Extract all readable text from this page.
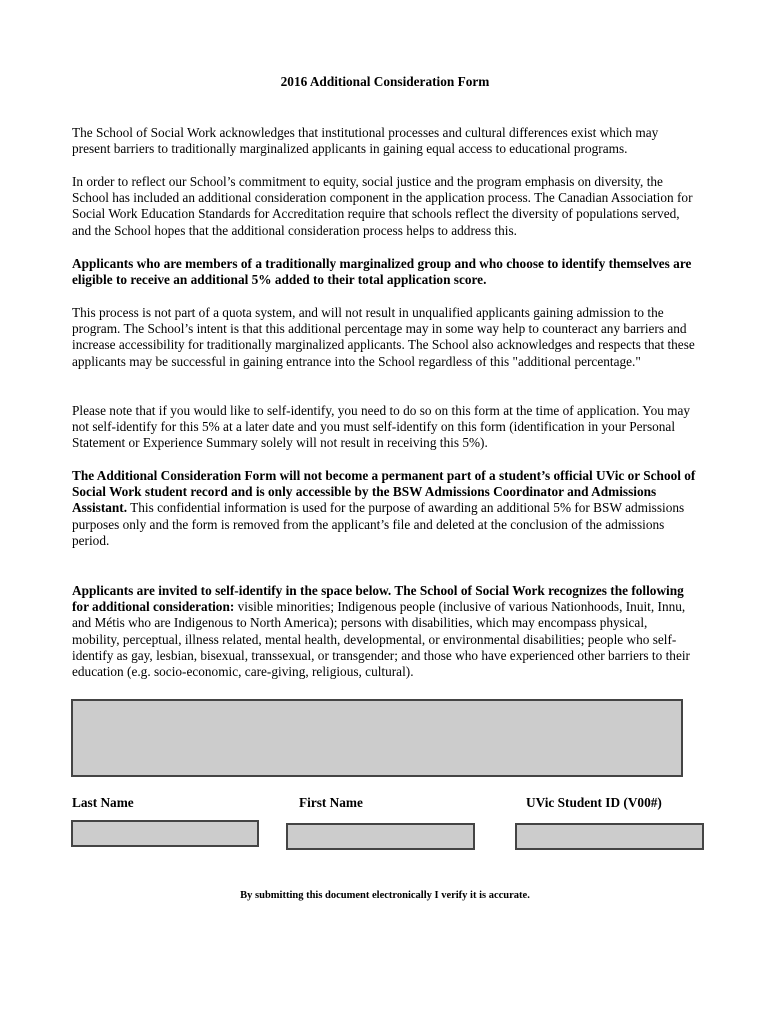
2016 Additional Consideration Form
The School of Social Work acknowledges that institutional processes and cultural differences exist which may present barriers to traditionally marginalized applicants in gaining equal access to educational programs.
In order to reflect our School’s commitment to equity, social justice and the program emphasis on diversity, the School has included an additional consideration component in the application process. The Canadian Association for Social Work Education Standards for Accreditation require that schools reflect the diversity of populations served, and the School hopes that the additional consideration process helps to address this.
Applicants who are members of a traditionally marginalized group and who choose to identify themselves are eligible to receive an additional 5% added to their total application score.
This process is not part of a quota system, and will not result in unqualified applicants gaining admission to the program. The School’s intent is that this additional percentage may in some way help to counteract any barriers and increase accessibility for traditionally marginalized applicants. The School also acknowledges and respects that these applicants may be successful in gaining entrance into the School regardless of this "additional percentage."
Please note that if you would like to self-identify, you need to do so on this form at the time of application. You may not self-identify for this 5% at a later date and you must self-identify on this form (identification in your Personal Statement or Experience Summary solely will not result in receiving this 5%).
The Additional Consideration Form will not become a permanent part of a student’s official UVic or School of Social Work student record and is only accessible by the BSW Admissions Coordinator and Admissions Assistant. This confidential information is used for the purpose of awarding an additional 5% for BSW admissions purposes only and the form is removed from the applicant’s file and deleted at the conclusion of the admissions period.
Applicants are invited to self-identify in the space below. The School of Social Work recognizes the following for additional consideration: visible minorities; Indigenous people (inclusive of various Nationhoods, Inuit, Innu, and Métis who are Indigenous to North America); persons with disabilities, which may encompass physical, mobility, perceptual, illness related, mental health, developmental, or environmental disabilities; people who self-identify as gay, lesbian, bisexual, transsexual, or transgender; and those who have experienced other barriers to their education (e.g. socio-economic, care-giving, religious, cultural).
Last Name	First Name	UVic Student ID (V00#)
By submitting this document electronically I verify it is accurate.
